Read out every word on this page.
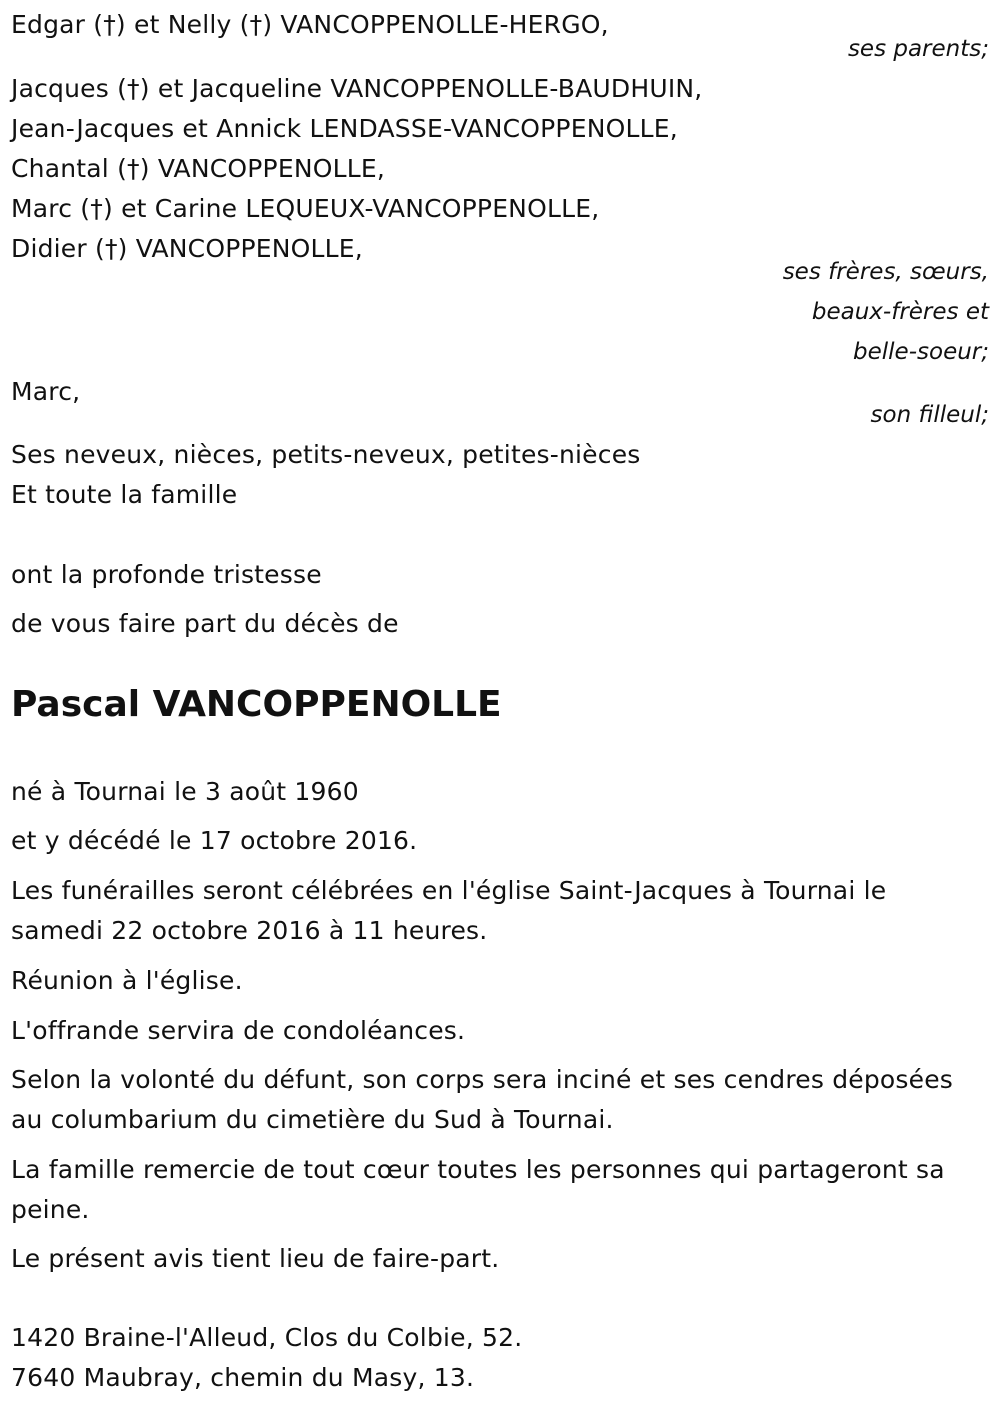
Edgar (†) et Nelly (†) VANCOPPENOLLE-HERGO,
ses parents;
Jacques (†) et Jacqueline VANCOPPENOLLE-BAUDHUIN,
Jean-Jacques et Annick LENDASSE-VANCOPPENOLLE,
Chantal (†) VANCOPPENOLLE,
Marc (†) et Carine LEQUEUX-VANCOPPENOLLE,
Didier (†) VANCOPPENOLLE,
ses frères, sœurs,
beaux-frères et
belle-soeur;
Marc,
son filleul;
Ses neveux, nièces, petits-neveux, petites-nièces
Et toute la famille
ont la profonde tristesse
de vous faire part du décès de
Pascal VANCOPPENOLLE
né à Tournai le 3 août 1960
et y décédé le 17 octobre 2016.
Les funérailles seront célébrées en l'église Saint-Jacques à Tournai le samedi 22 octobre 2016 à 11 heures.
Réunion à l'église.
L'offrande servira de condoléances.
Selon la volonté du défunt, son corps sera inciné et ses cendres déposées au columbarium du cimetière du Sud à Tournai.
La famille remercie de tout cœur toutes les personnes qui partageront sa peine.
Le présent avis tient lieu de faire-part.
1420 Braine-l'Alleud, Clos du Colbie, 52.
7640 Maubray, chemin du Masy, 13.
